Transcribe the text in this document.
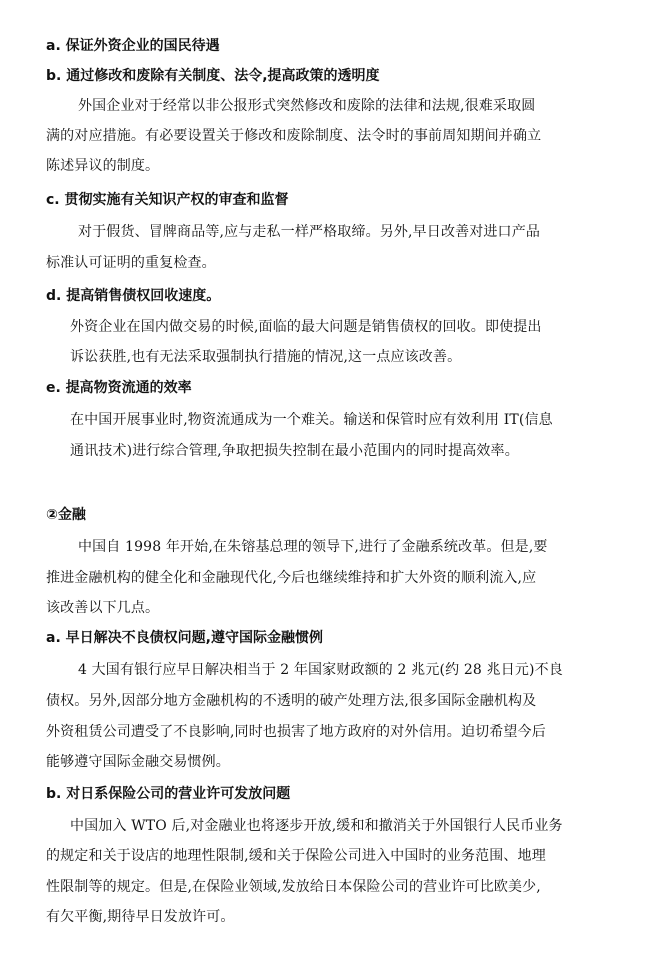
a. 保证外资企业的国民待遇
b. 通过修改和废除有关制度、法令,提高政策的透明度
外国企业对于经常以非公报形式突然修改和废除的法律和法规,很难采取圆
满的对应措施。有必要设置关于修改和废除制度、法令时的事前周知期间并确立
陈述异议的制度。
c. 贯彻实施有关知识产权的审查和监督
对于假货、冒牌商品等,应与走私一样严格取缔。另外,早日改善对进口产品
标准认可证明的重复检查。
d. 提高销售债权回收速度。
外资企业在国内做交易的时候,面临的最大问题是销售债权的回收。即使提出
诉讼获胜,也有无法采取强制执行措施的情况,这一点应该改善。
e. 提高物资流通的效率
在中国开展事业时,物资流通成为一个难关。输送和保管时应有效利用 IT(信息
通讯技术)进行综合管理,争取把损失控制在最小范围内的同时提高效率。
②金融
中国自 1998 年开始,在朱镕基总理的领导下,进行了金融系统改革。但是,要
推进金融机构的健全化和金融现代化,今后也继续维持和扩大外资的顺利流入,应
该改善以下几点。
a. 早日解决不良债权问题,遵守国际金融惯例
4 大国有银行应早日解决相当于 2 年国家财政额的 2 兆元(约 28 兆日元)不良
债权。另外,因部分地方金融机构的不透明的破产处理方法,很多国际金融机构及
外资租赁公司遭受了不良影响,同时也损害了地方政府的对外信用。迫切希望今后
能够遵守国际金融交易惯例。
b. 对日系保险公司的营业许可发放问题
中国加入 WTO 后,对金融业也将逐步开放,缓和和撤消关于外国银行人民币业务
的规定和关于设店的地理性限制,缓和关于保险公司进入中国时的业务范围、地理
性限制等的规定。但是,在保险业领域,发放给日本保险公司的营业许可比欧美少,
有欠平衡,期待早日发放许可。
